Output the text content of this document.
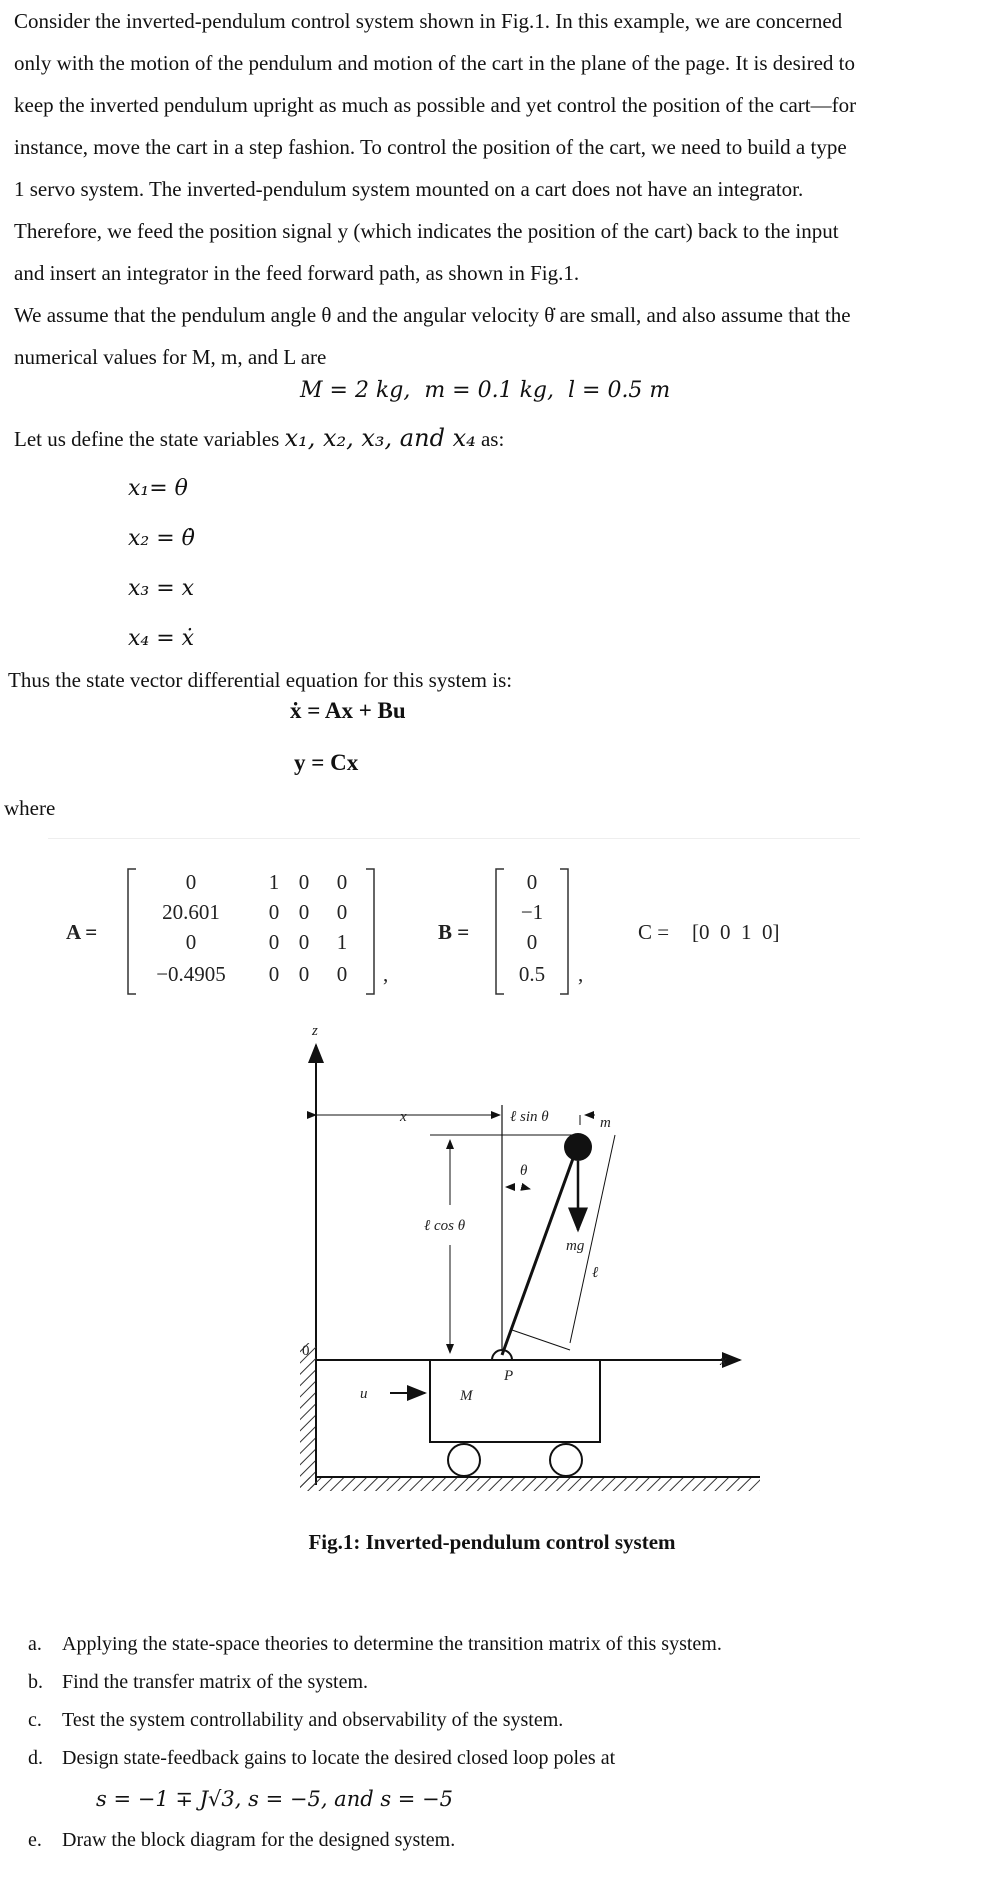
Consider the inverted-pendulum control system shown in Fig.1. In this example, we are concerned
only with the motion of the pendulum and motion of the cart in the plane of the page. It is desired to
keep the inverted pendulum upright as much as possible and yet control the position of the cart—for
instance, move the cart in a step fashion. To control the position of the cart, we need to build a type
1 servo system. The inverted-pendulum system mounted on a cart does not have an integrator.
Therefore, we feed the position signal y (which indicates the position of the cart) back to the input
and insert an integrator in the feed forward path, as shown in Fig.1.
We assume that the pendulum angle θ and the angular velocity θ̇ are small, and also assume that the
numerical values for M, m, and L are
M = 2 kg,  m = 0.1 kg,  l = 0.5 m
Let us define the state variables x₁, x₂, x₃, and x₄ as:
x₁= θ
x₂ = θ̇
x₃ = x
x₄ = ẋ
Thus the state vector differential equation for this system is:
ẋ = Ax + Bu
y = Cx
where
A =
0	1 0 0
20.601 0 0 0
0	0 0 1
−0.4905 0 0 0 ,
B =
0
−1
0
0.5 ,
C = [0  0  1  0]
z
x	ℓ sin θ	m
θ
ℓ cos θ
mg
ℓ
0
P
x
u	M
Fig.1: Inverted-pendulum control system
a. Applying the state-space theories to determine the transition matrix of this system.
b. Find the transfer matrix of the system.
c. Test the system controllability and observability of the system.
d. Design state-feedback gains to locate the desired closed loop poles at
s = −1 ∓ J√3, s = −5, and s = −5
e. Draw the block diagram for the designed system.
